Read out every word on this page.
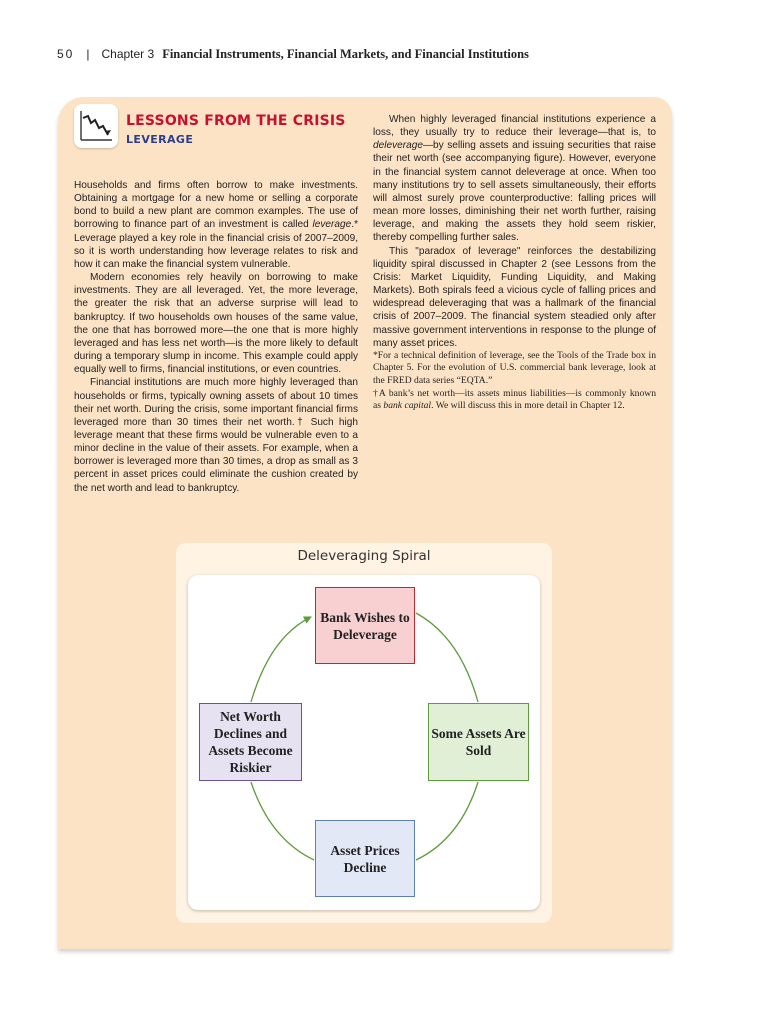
50 | Chapter 3 Financial Instruments, Financial Markets, and Financial Institutions
LESSONS FROM THE CRISIS
LEVERAGE

Households and firms often borrow to make investments. Obtaining a mortgage for a new home or selling a corporate bond to build a new plant are common examples. The use of borrowing to finance part of an investment is called leverage.* Leverage played a key role in the financial crisis of 2007–2009, so it is worth understanding how leverage relates to risk and how it can make the financial system vulnerable.

Modern economies rely heavily on borrowing to make investments. They are all leveraged. Yet, the more leverage, the greater the risk that an adverse surprise will lead to bankruptcy. If two households own houses of the same value, the one that has borrowed more—the one that is more highly leveraged and has less net worth—is the more likely to default during a temporary slump in income. This example could apply equally well to firms, financial institutions, or even countries.

Financial institutions are much more highly leveraged than households or firms, typically owning assets of about 10 times their net worth. During the crisis, some important financial firms leveraged more than 30 times their net worth.† Such high leverage meant that these firms would be vulnerable even to a minor decline in the value of their assets. For example, when a borrower is leveraged more than 30 times, a drop as small as 3 percent in asset prices could eliminate the cushion created by the net worth and lead to bankruptcy.

When highly leveraged financial institutions experience a loss, they usually try to reduce their leverage—that is, to deleverage—by selling assets and issuing securities that raise their net worth (see accompanying figure). However, everyone in the financial system cannot deleverage at once. When too many institutions try to sell assets simultaneously, their efforts will almost surely prove counterproductive: falling prices will mean more losses, diminishing their net worth further, raising leverage, and making the assets they hold seem riskier, thereby compelling further sales.

This "paradox of leverage" reinforces the destabilizing liquidity spiral discussed in Chapter 2 (see Lessons from the Crisis: Market Liquidity, Funding Liquidity, and Making Markets). Both spirals feed a vicious cycle of falling prices and widespread deleveraging that was a hallmark of the financial crisis of 2007–2009. The financial system steadied only after massive government interventions in response to the plunge of many asset prices.

*For a technical definition of leverage, see the Tools of the Trade box in Chapter 5. For the evolution of U.S. commercial bank leverage, look at the FRED data series “EQTA.”

†A bank’s net worth—its assets minus liabilities—is commonly known as bank capital. We will discuss this in more detail in Chapter 12.

Deleveraging Spiral
Bank Wishes to Deleverage
Some Assets Are Sold
Asset Prices Decline
Net Worth Declines and Assets Become Riskier
